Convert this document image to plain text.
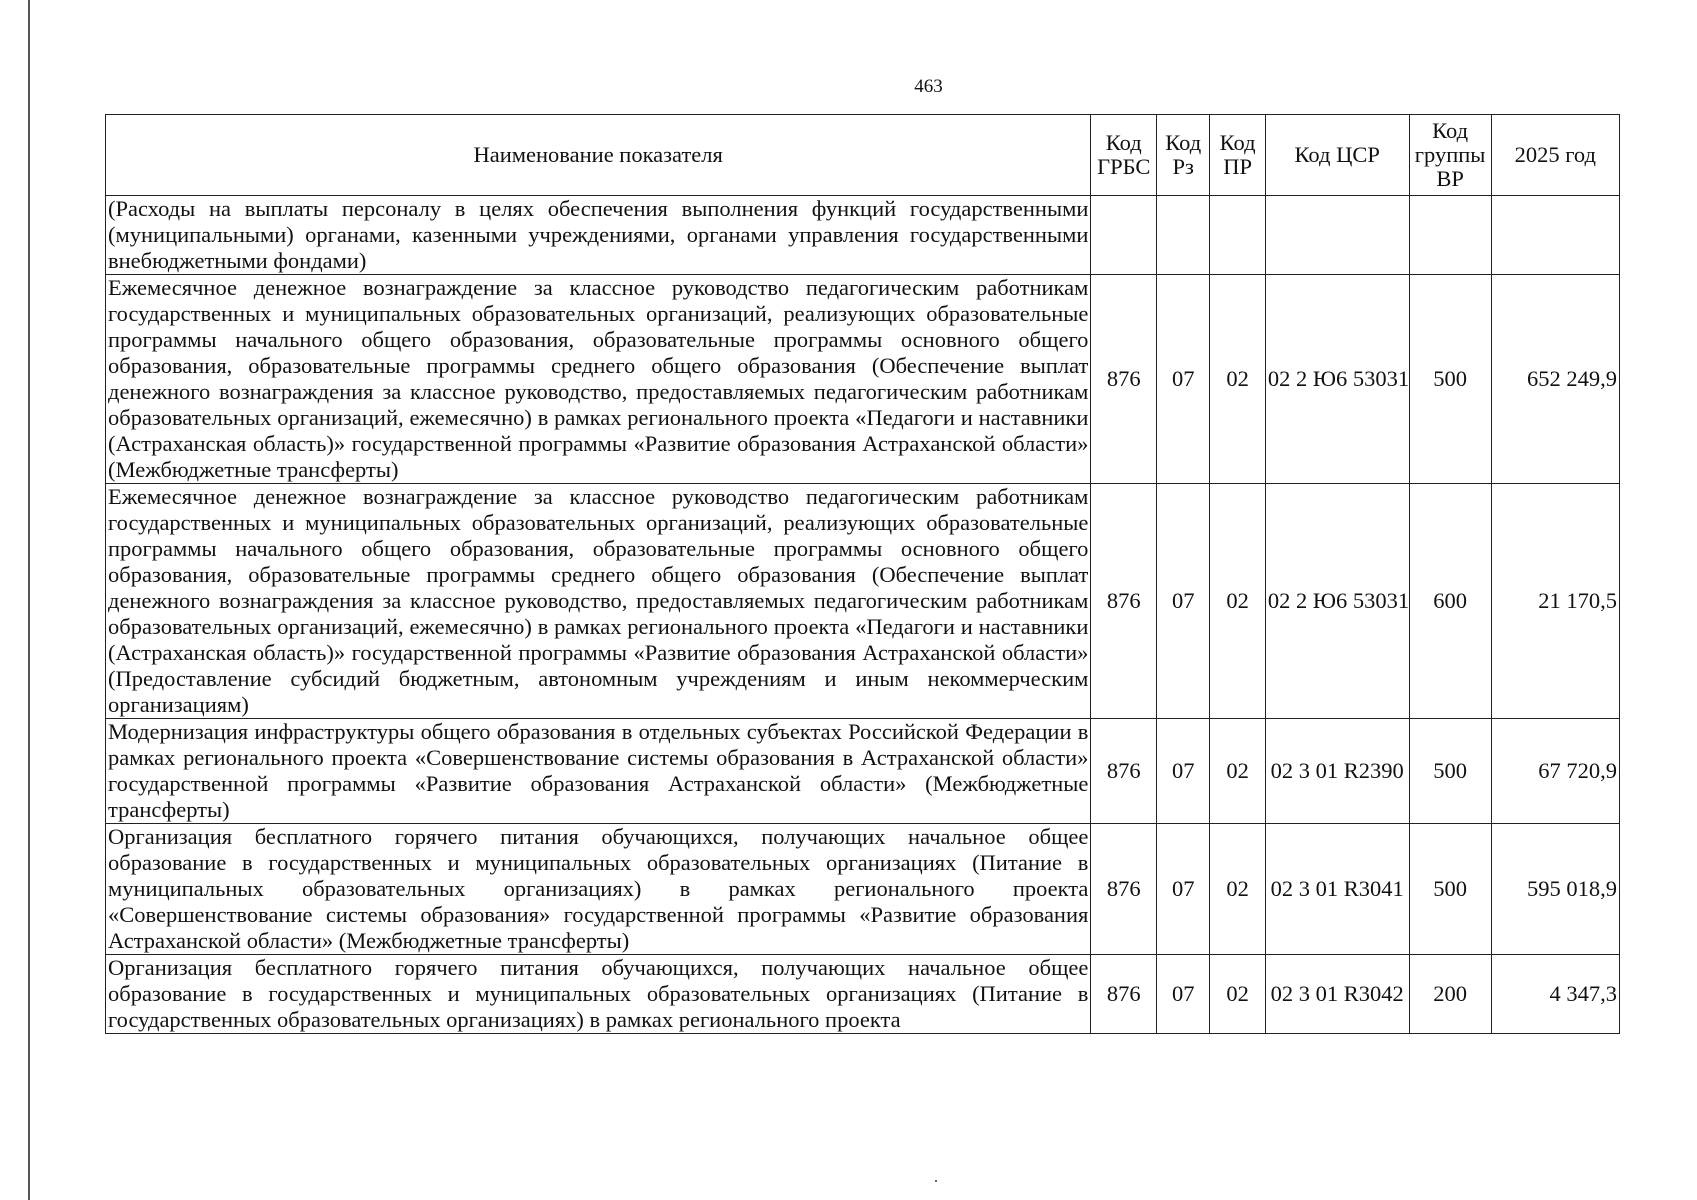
463
Наименование показателя	Код ГРБС	Код Рз	Код ПР	Код ЦСР	Код группы ВР	2025 год
(Расходы на выплаты персоналу в целях обеспечения выполнения функций государственными (муниципальными) органами, казенными учреждениями, органами управления государственными внебюджетными фондами)						
Ежемесячное денежное вознаграждение за классное руководство педагогическим работникам государственных и муниципальных образовательных организаций, реализующих образовательные программы начального общего образования, образовательные программы основного общего образования, образовательные программы среднего общего образования (Обеспечение выплат денежного вознаграждения за классное руководство, предоставляемых педагогическим работникам образовательных организаций, ежемесячно) в рамках регионального проекта «Педагоги и наставники (Астраханская область)» государственной программы «Развитие образования Астраханской области» (Межбюджетные трансферты)	876	07	02	02 2 Ю6 53031	500	652 249,9
Ежемесячное денежное вознаграждение за классное руководство педагогическим работникам государственных и муниципальных образовательных организаций, реализующих образовательные программы начального общего образования, образовательные программы основного общего образования, образовательные программы среднего общего образования (Обеспечение выплат денежного вознаграждения за классное руководство, предоставляемых педагогическим работникам образовательных организаций, ежемесячно) в рамках регионального проекта «Педагоги и наставники (Астраханская область)» государственной программы «Развитие образования Астраханской области» (Предоставление субсидий бюджетным, автономным учреждениям и иным некоммерческим организациям)	876	07	02	02 2 Ю6 53031	600	21 170,5
Модернизация инфраструктуры общего образования в отдельных субъектах Российской Федерации в рамках регионального проекта «Совершенствование системы образования в Астраханской области» государственной программы «Развитие образования Астраханской области» (Межбюджетные трансферты)	876	07	02	02 3 01 R2390	500	67 720,9
Организация бесплатного горячего питания обучающихся, получающих начальное общее образование в государственных и муниципальных образовательных организациях (Питание в муниципальных образовательных организациях) в рамках регионального проекта «Совершенствование системы образования» государственной программы «Развитие образования Астраханской области» (Межбюджетные трансферты)	876	07	02	02 3 01 R3041	500	595 018,9
Организация бесплатного горячего питания обучающихся, получающих начальное общее образование в государственных и муниципальных образовательных организациях (Питание в государственных образовательных организациях) в рамках регионального проекта	876	07	02	02 3 01 R3042	200	4 347,3
